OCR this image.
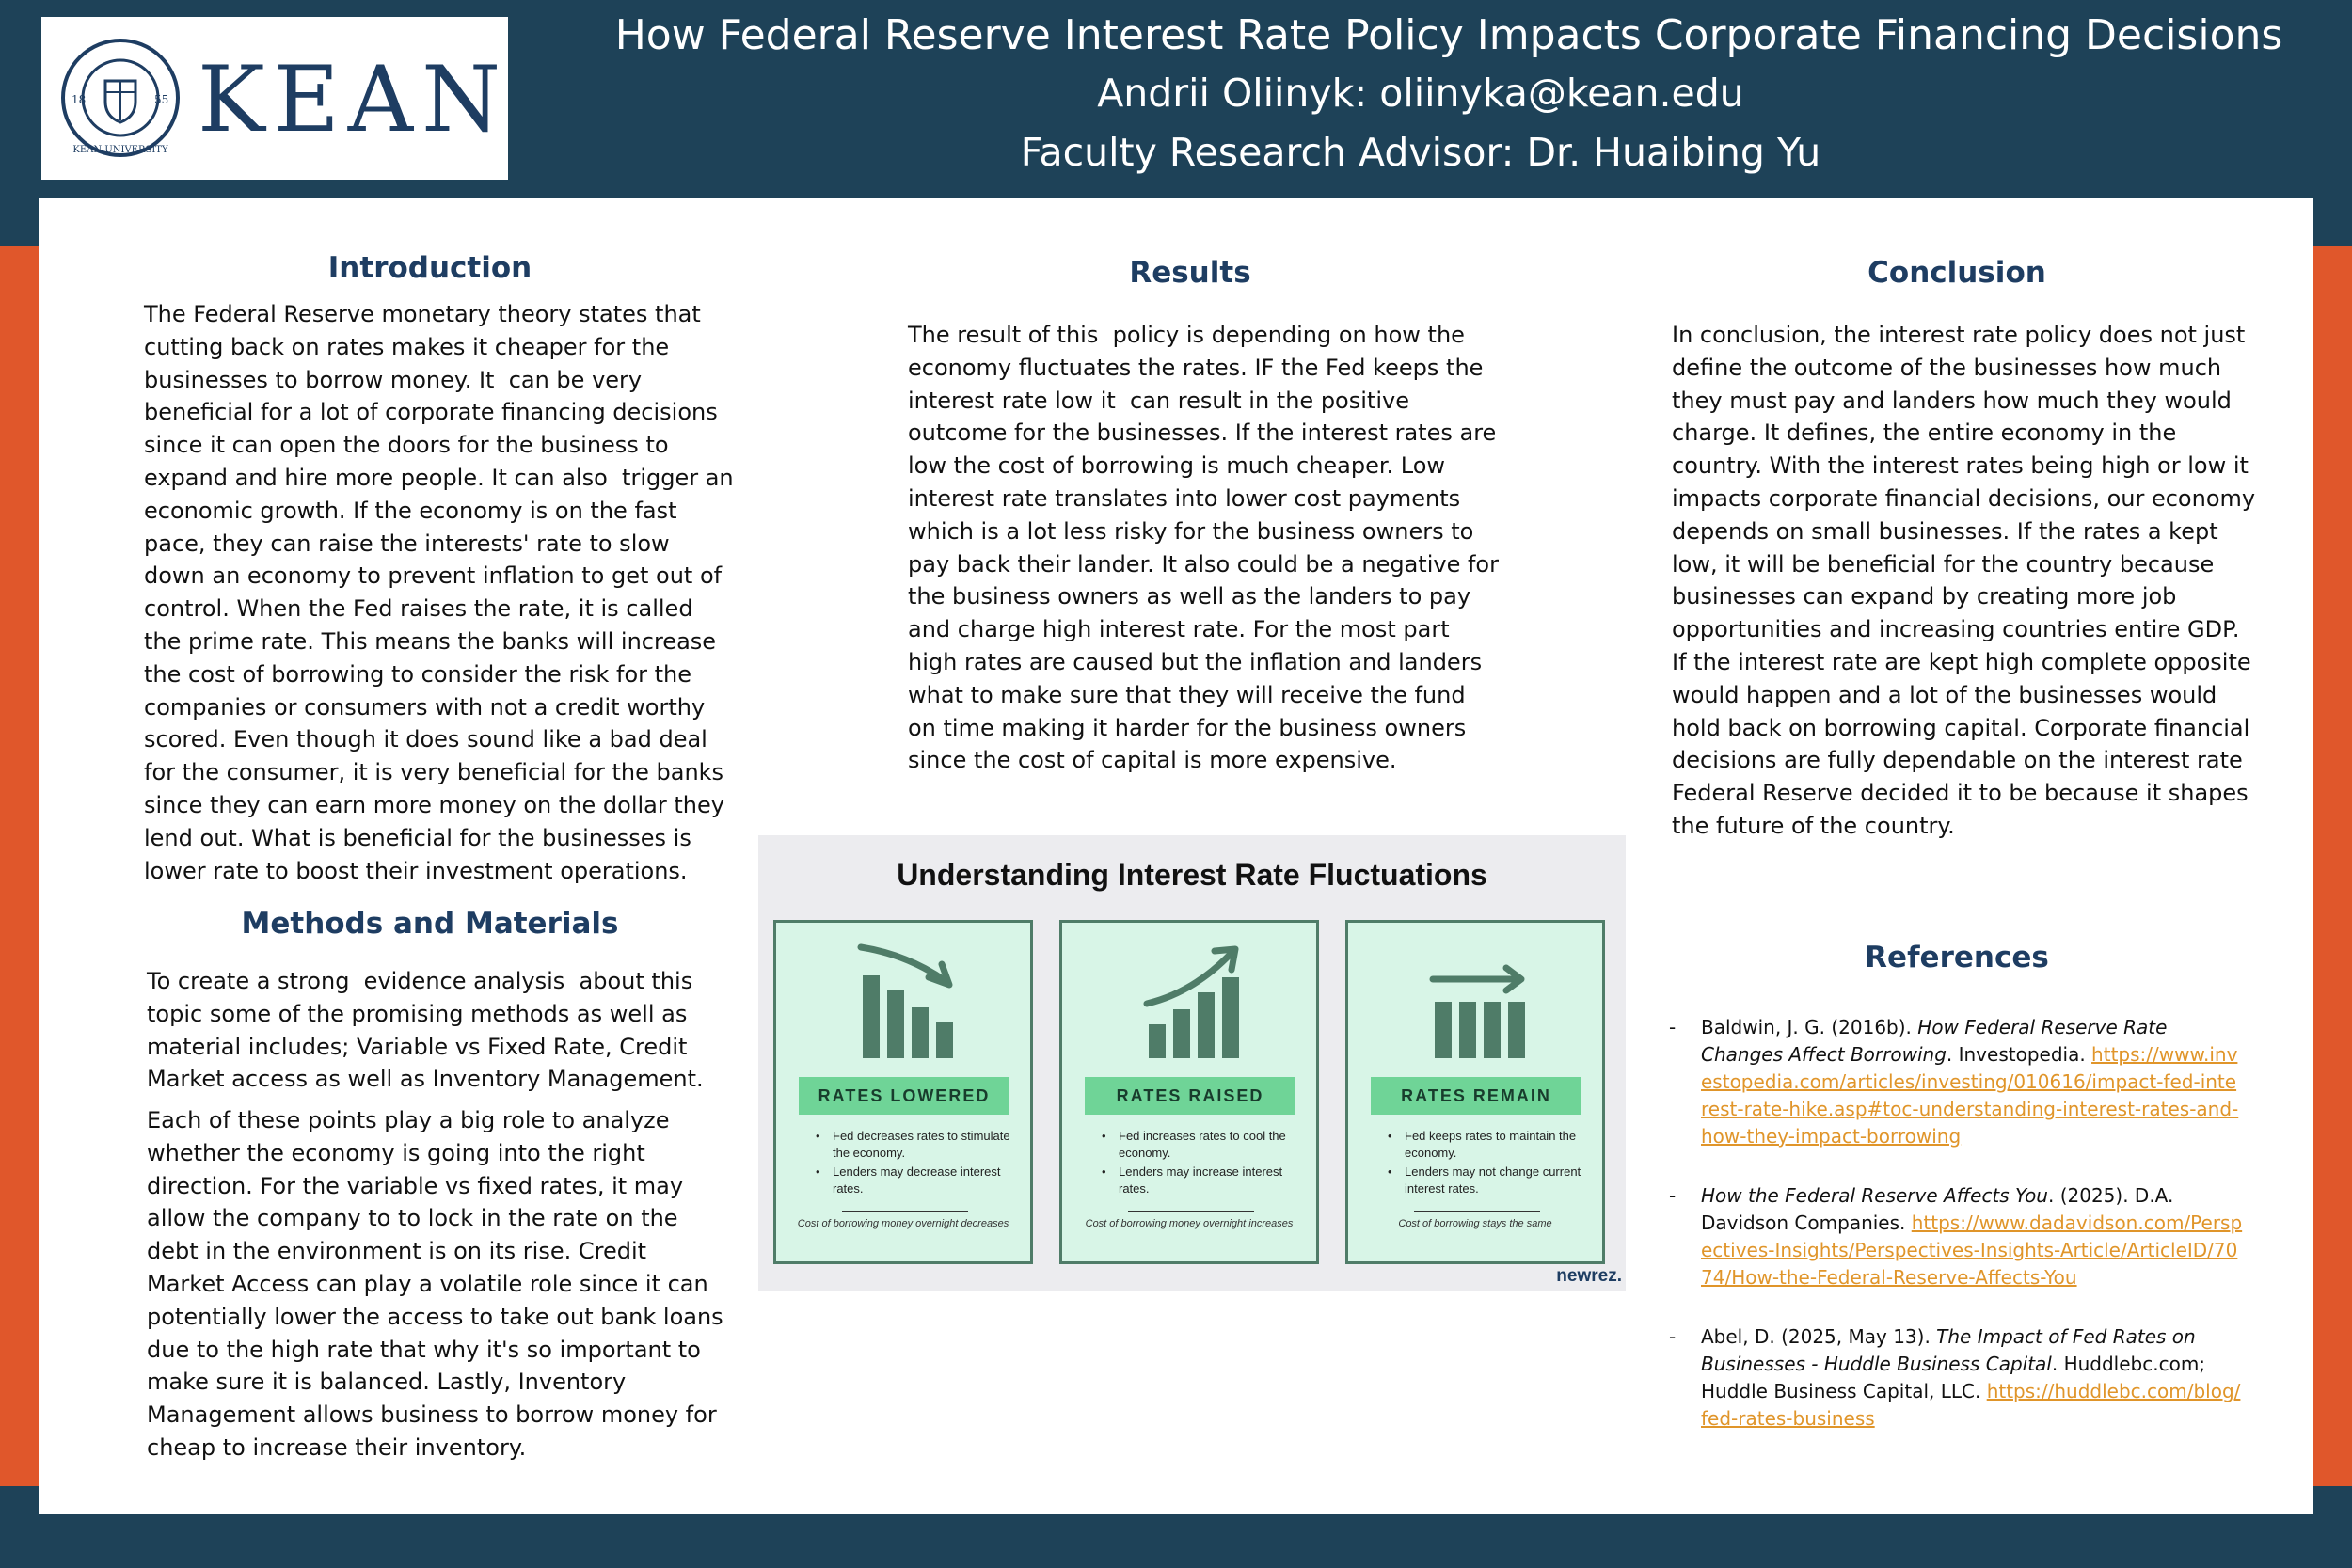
18	55
KEAN UNIVERSITY KEAN
How Federal Reserve Interest Rate Policy Impacts Corporate Financing Decisions
Andrii Oliinyk: oliinyka@kean.edu
Faculty Research Advisor: Dr. Huaibing Yu
Introduction
The Federal Reserve monetary theory states that
cutting back on rates makes it cheaper for the
businesses to borrow money. It  can be very
beneficial for a lot of corporate financing decisions
since it can open the doors for the business to
expand and hire more people. It can also  trigger an
economic growth. If the economy is on the fast
pace, they can raise the interests' rate to slow
down an economy to prevent inflation to get out of
control. When the Fed raises the rate, it is called
the prime rate. This means the banks will increase
the cost of borrowing to consider the risk for the
companies or consumers with not a credit worthy
scored. Even though it does sound like a bad deal
for the consumer, it is very beneficial for the banks
since they can earn more money on the dollar they
lend out. What is beneficial for the businesses is
lower rate to boost their investment operations.
Methods and Materials
To create a strong  evidence analysis  about this
topic some of the promising methods as well as
material includes; Variable vs Fixed Rate, Credit
Market access as well as Inventory Management.
Each of these points play a big role to analyze
whether the economy is going into the right
direction. For the variable vs fixed rates, it may
allow the company to to lock in the rate on the
debt in the environment is on its rise. Credit
Market Access can play a volatile role since it can
potentially lower the access to take out bank loans
due to the high rate that why it's so important to
make sure it is balanced. Lastly, Inventory
Management allows business to borrow money for
cheap to increase their inventory.
Results
The result of this  policy is depending on how the
economy fluctuates the rates. IF the Fed keeps the
interest rate low it  can result in the positive
outcome for the businesses. If the interest rates are
low the cost of borrowing is much cheaper. Low
interest rate translates into lower cost payments
which is a lot less risky for the business owners to
pay back their lander. It also could be a negative for
the business owners as well as the landers to pay
and charge high interest rate. For the most part
high rates are caused but the inflation and landers
what to make sure that they will receive the fund
on time making it harder for the business owners
since the cost of capital is more expensive.
Understanding Interest Rate Fluctuations
RATES LOWERED
• Fed decreases rates to stimulate the economy.
• Lenders may decrease interest rates.
Cost of borrowing money overnight decreases
RATES RAISED
• Fed increases rates to cool the economy.
• Lenders may increase interest rates.
Cost of borrowing money overnight increases
RATES REMAIN
• Fed keeps rates to maintain the economy.
• Lenders may not change current interest rates.
Cost of borrowing stays the same
newrez.
Conclusion
In conclusion, the interest rate policy does not just
define the outcome of the businesses how much
they must pay and landers how much they would
charge. It defines, the entire economy in the
country. With the interest rates being high or low it
impacts corporate financial decisions, our economy
depends on small businesses. If the rates a kept
low, it will be beneficial for the country because
businesses can expand by creating more job
opportunities and increasing countries entire GDP.
If the interest rate are kept high complete opposite
would happen and a lot of the businesses would
hold back on borrowing capital. Corporate financial
decisions are fully dependable on the interest rate
Federal Reserve decided it to be because it shapes
the future of the country.
References
- Baldwin, J. G. (2016b). How Federal Reserve Rate Changes Affect Borrowing. Investopedia. https://www.investopedia.com/articles/investing/010616/impact-fed-interest-rate-hike.asp#toc-understanding-interest-rates-and-how-they-impact-borrowing
- How the Federal Reserve Affects You. (2025). D.A. Davidson Companies. https://www.dadavidson.com/Perspectives-Insights/Perspectives-Insights-Article/ArticleID/7074/How-the-Federal-Reserve-Affects-You
- Abel, D. (2025, May 13). The Impact of Fed Rates on Businesses - Huddle Business Capital. Huddlebc.com; Huddle Business Capital, LLC. https://huddlebc.com/blog/fed-rates-business
